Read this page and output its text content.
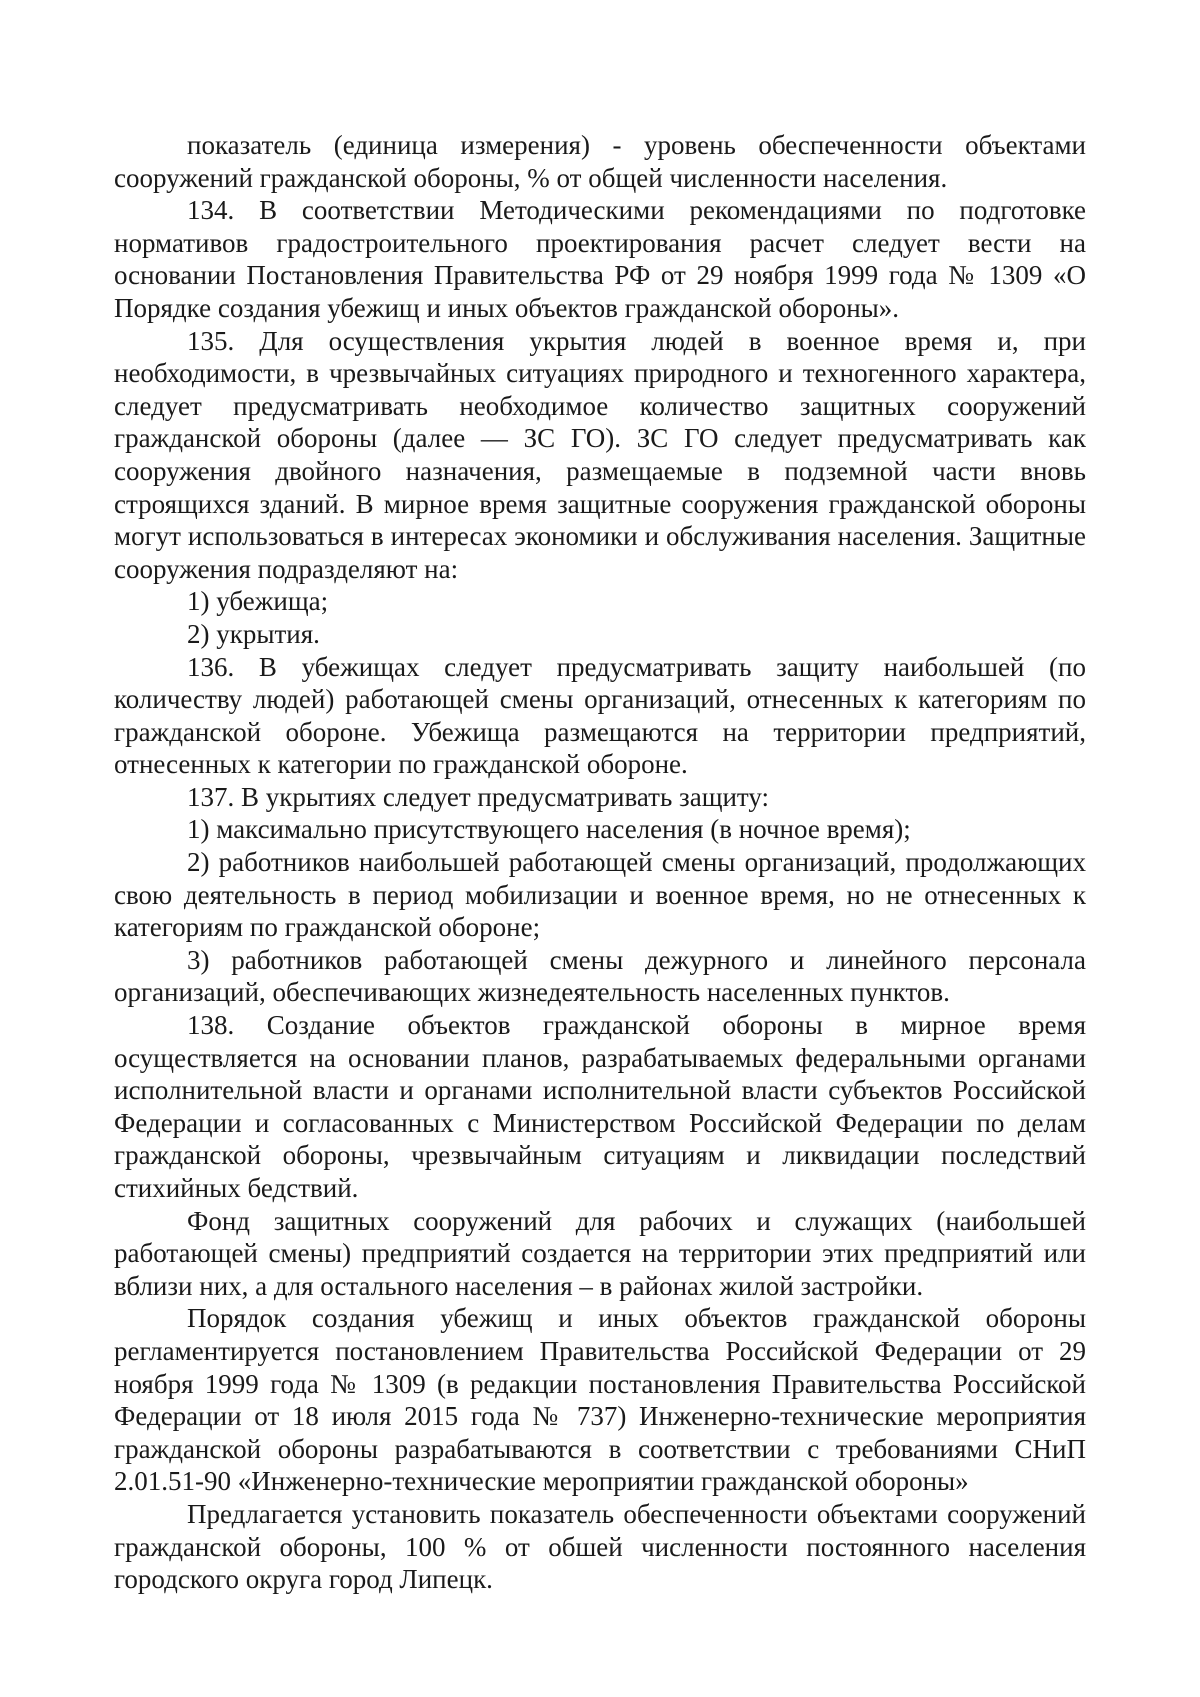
показатель (единица измерения) - уровень обеспеченности объектами сооружений гражданской обороны, % от общей численности населения.

134. В соответствии Методическими рекомендациями по подготовке нормативов градостроительного проектирования расчет следует вести на основании Постановления Правительства РФ от 29 ноября 1999 года № 1309 «О Порядке создания убежищ и иных объектов гражданской обороны».

135. Для осуществления укрытия людей в военное время и, при необходимости, в чрезвычайных ситуациях природного и техногенного характера, следует предусматривать необходимое количество защитных сооружений гражданской обороны (далее — ЗС ГО). ЗС ГО следует предусматривать как сооружения двойного назначения, размещаемые в подземной части вновь строящихся зданий. В мирное время защитные сооружения гражданской обороны могут использоваться в интересах экономики и обслуживания населения. Защитные сооружения подразделяют на:

1) убежища;

2) укрытия.

136. В убежищах следует предусматривать защиту наибольшей (по количеству людей) работающей смены организаций, отнесенных к категориям по гражданской обороне. Убежища размещаются на территории предприятий, отнесенных к категории по гражданской обороне.

137. В укрытиях следует предусматривать защиту:

1) максимально присутствующего населения (в ночное время);

2) работников наибольшей работающей смены организаций, продолжающих свою деятельность в период мобилизации и военное время, но не отнесенных к категориям по гражданской обороне;

3) работников работающей смены дежурного и линейного персонала организаций, обеспечивающих жизнедеятельность населенных пунктов.

138. Создание объектов гражданской обороны в мирное время осуществляется на основании планов, разрабатываемых федеральными органами исполнительной власти и органами исполнительной власти субъектов Российской Федерации и согласованных с Министерством Российской Федерации по делам гражданской обороны, чрезвычайным ситуациям и ликвидации последствий стихийных бедствий.

Фонд защитных сооружений для рабочих и служащих (наибольшей работающей смены) предприятий создается на территории этих предприятий или вблизи них, а для остального населения – в районах жилой застройки.

Порядок создания убежищ и иных объектов гражданской обороны регламентируется постановлением Правительства Российской Федерации от 29 ноября 1999 года № 1309 (в редакции постановления Правительства Российской Федерации от 18 июля 2015 года № 737) Инженерно-технические мероприятия гражданской обороны разрабатываются в соответствии с требованиями СНиП 2.01.51-90 «Инженерно-технические мероприятии гражданской обороны»

Предлагается установить показатель обеспеченности объектами сооружений гражданской обороны, 100 % от обшей численности постоянного населения городского округа город Липецк.
